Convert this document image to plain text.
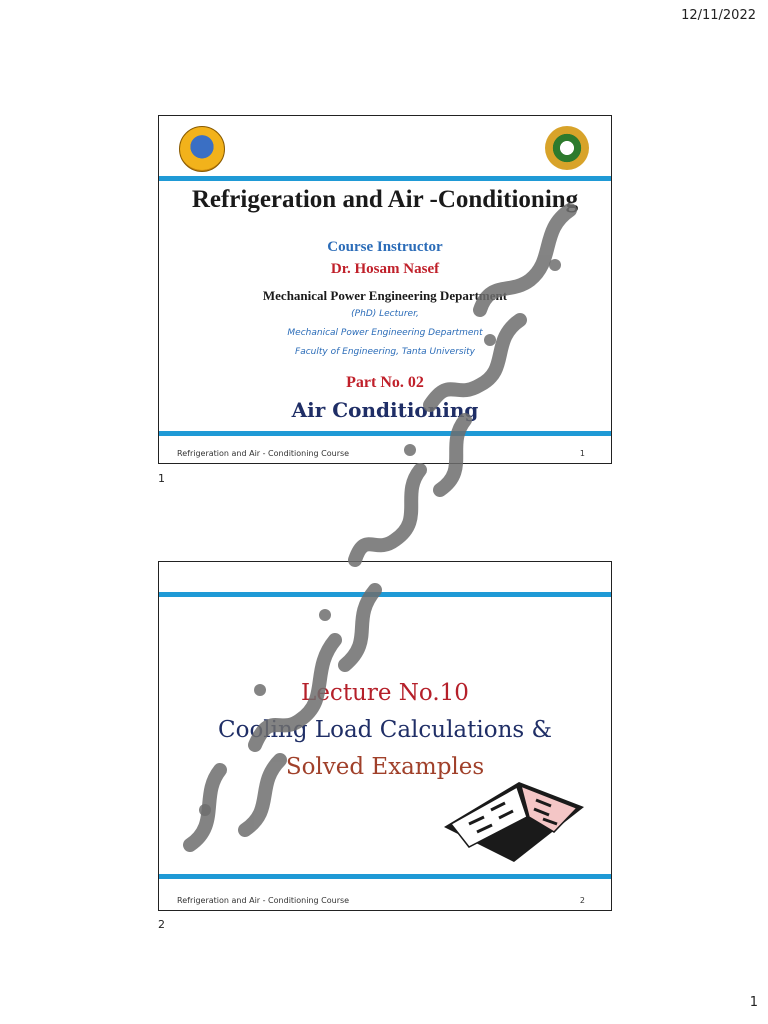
12/11/2022
Refrigeration and Air -Conditioning
Course Instructor
Dr. Hosam Nasef
Mechanical Power Engineering Department
(PhD) Lecturer,
Mechanical Power Engineering Department
Faculty of Engineering, Tanta University
Part No. 02
Air Conditioning
Refrigeration and Air - Conditioning Course	1
1
Lecture No.10
Cooling Load Calculations &
Solved Examples
Refrigeration and Air - Conditioning Course	2
2
1
